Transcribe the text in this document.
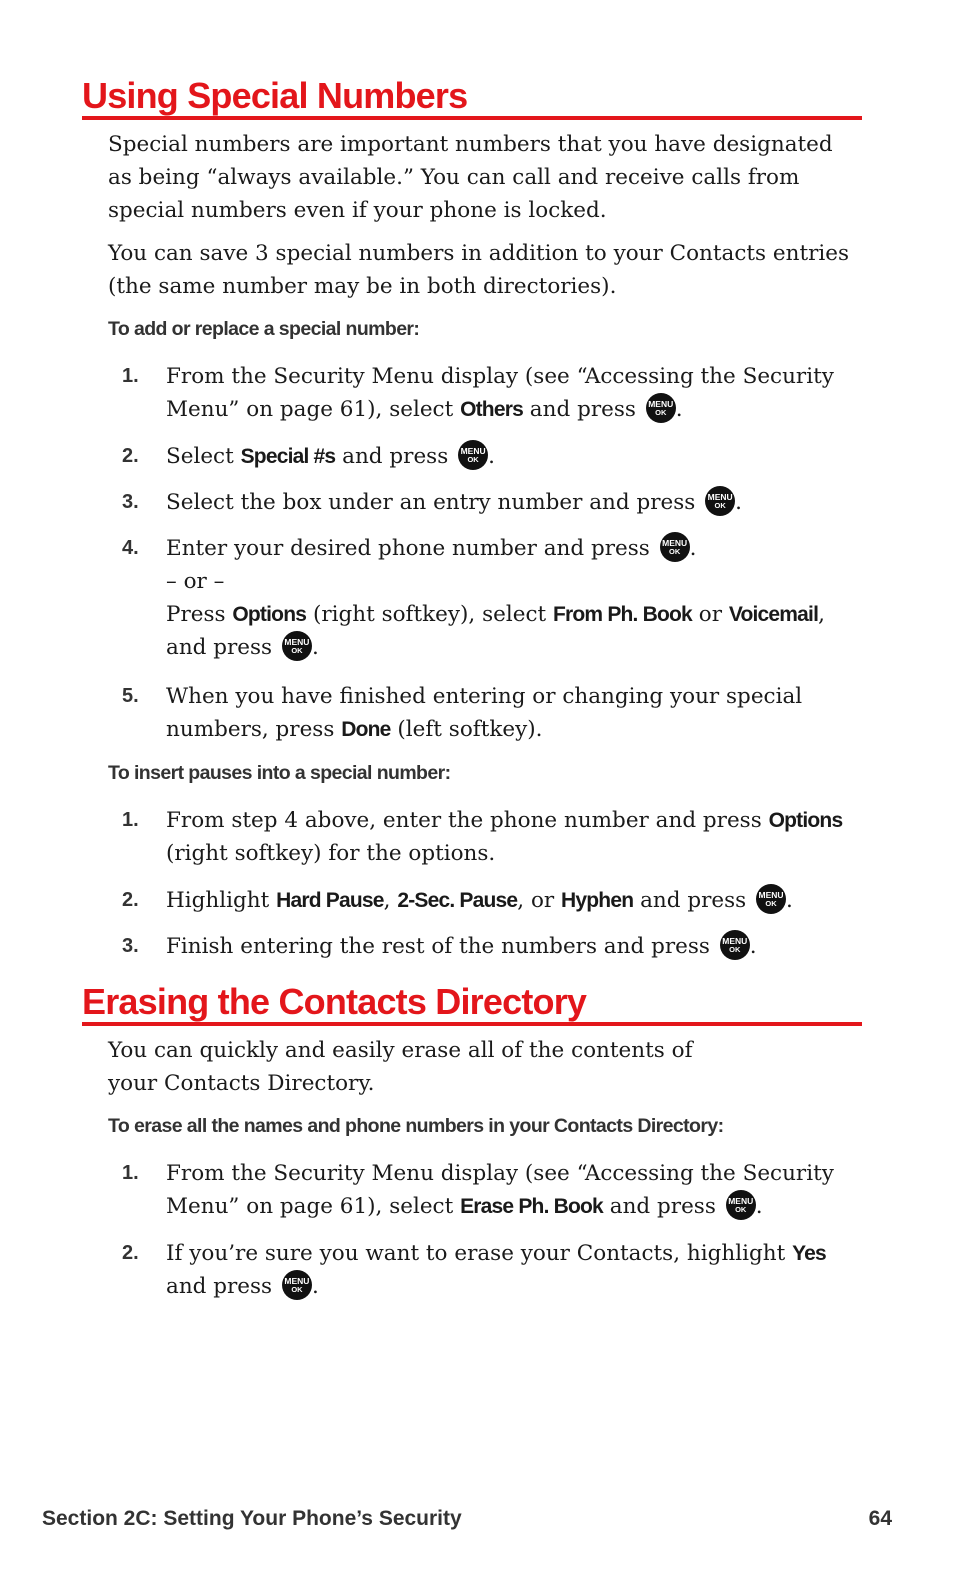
Using Special Numbers

Special numbers are important numbers that you have designated as being “always available.” You can call and receive calls from special numbers even if your phone is locked.

You can save 3 special numbers in addition to your Contacts entries (the same number may be in both directories).

To add or replace a special number:
1.	From the Security Menu display (see “Accessing the Security Menu” on page 61), select Others and press MENU
OK .
2.	Select Special #s and press MENU
OK .
3.	Select the box under an entry number and press MENU
OK .
4.	Enter your desired phone number and press MENU
OK .
– or –
Press Options (right softkey), select From Ph. Book or Voicemail, and press MENU
OK .
5.	When you have finished entering or changing your special numbers, press Done (left softkey).
To insert pauses into a special number:
1.	From step 4 above, enter the phone number and press Options (right softkey) for the options.
2.	Highlight Hard Pause, 2-Sec. Pause, or Hyphen and press MENU
OK .
3.	Finish entering the rest of the numbers and press MENU
OK .
Erasing the Contacts Directory

You can quickly and easily erase all of the contents of your Contacts Directory.

To erase all the names and phone numbers in your Contacts Directory:
1.	From the Security Menu display (see “Accessing the Security Menu” on page 61), select Erase Ph. Book and press MENU
OK .
2.	If you’re sure you want to erase your Contacts, highlight Yes and press MENU
OK .
Section 2C: Setting Your Phone’s Security	64
